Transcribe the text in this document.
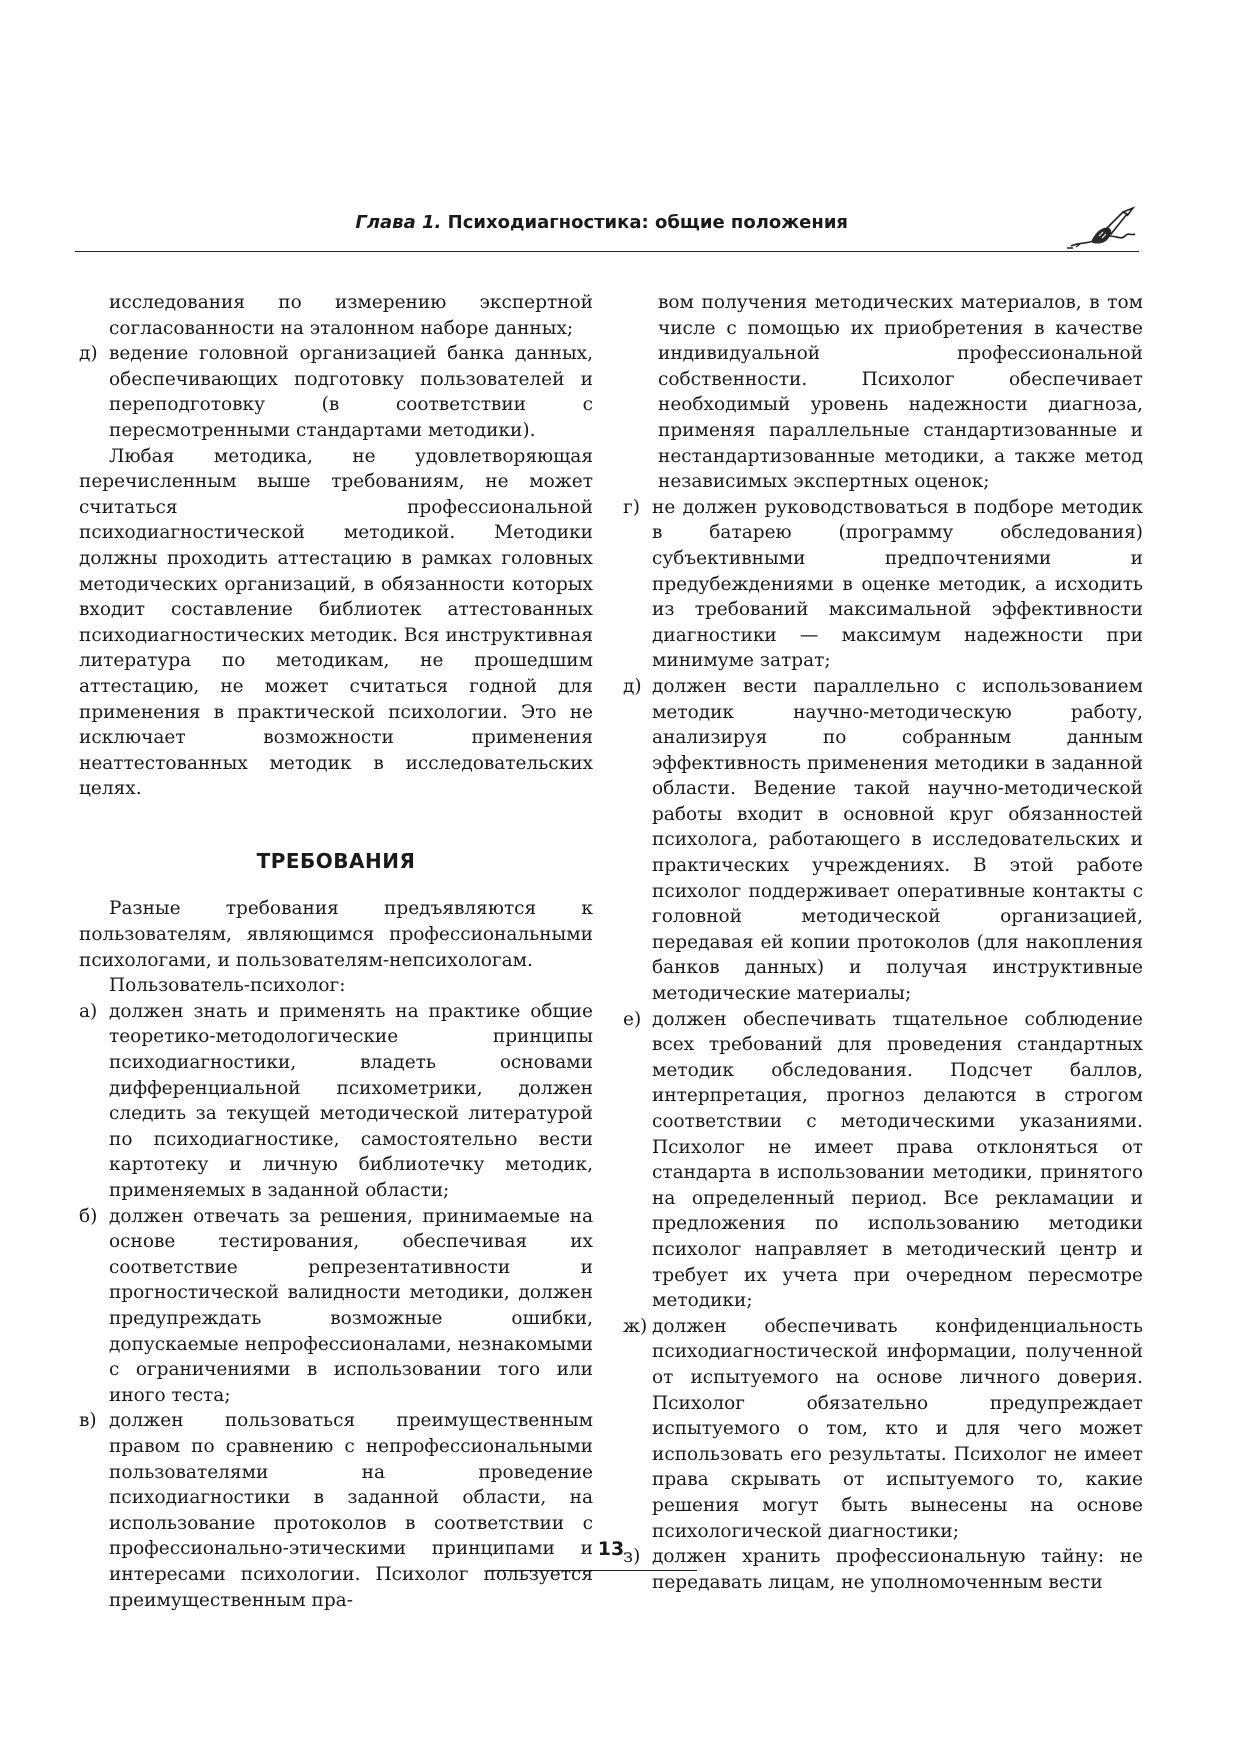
Глава 1. Психодиагностика: общие положения

исследования по измерению экспертной согласованности на эталонном наборе данных;

д) ведение головной организацией банка данных, обеспечивающих подготовку пользователей и переподготовку (в соответствии с пересмотренными стандартами методики).

Любая методика, не удовлетворяющая перечисленным выше требованиям, не может считаться профессиональной психодиагностической методикой. Методики должны проходить аттестацию в рамках головных методических организаций, в обязанности которых входит составление библиотек аттестованных психодиагностических методик. Вся инструктивная литература по методикам, не прошедшим аттестацию, не может считаться годной для применения в практической психологии. Это не исключает возможности применения неаттестованных методик в исследовательских целях.

ТРЕБОВАНИЯ

Разные требования предъявляются к пользователям, являющимся профессиональными психологами, и пользователям-непсихологам.

Пользователь-психолог:

а) должен знать и применять на практике общие теоретико-методологические принципы психодиагностики, владеть основами дифференциальной психометрики, должен следить за текущей методической литературой по психодиагностике, самостоятельно вести картотеку и личную библиотечку методик, применяемых в заданной области;
б) должен отвечать за решения, принимаемые на основе тестирования, обеспечивая их соответствие репрезентативности и прогностической валидности методики, должен предупреждать возможные ошибки, допускаемые непрофессионалами, незнакомыми с ограничениями в использовании того или иного теста;
в) должен пользоваться преимущественным правом по сравнению с непрофессиональными пользователями на проведение психодиагностики в заданной области, на использование протоколов в соответствии с профессионально-этическими принципами и интересами психологии. Психолог пользуется преимущественным пра-

вом получения методических материалов, в том числе с помощью их приобретения в качестве индивидуальной профессиональной собственности. Психолог обеспечивает необходимый уровень надежности диагноза, применяя параллельные стандартизованные и нестандартизованные методики, а также метод независимых экспертных оценок;

г) не должен руководствоваться в подборе методик в батарею (программу обследования) субъективными предпочтениями и предубеждениями в оценке методик, а исходить из требований максимальной эффективности диагностики — максимум надежности при минимуме затрат;
д) должен вести параллельно с использованием методик научно-методическую работу, анализируя по собранным данным эффективность применения методики в заданной области. Ведение такой научно-методической работы входит в основной круг обязанностей психолога, работающего в исследовательских и практических учреждениях. В этой работе психолог поддерживает оперативные контакты с головной методической организацией, передавая ей копии протоколов (для накопления банков данных) и получая инструктивные методические материалы;
е) должен обеспечивать тщательное соблюдение всех требований для проведения стандартных методик обследования. Подсчет баллов, интерпретация, прогноз делаются в строгом соответствии с методическими указаниями. Психолог не имеет права отклоняться от стандарта в использовании методики, принятого на определенный период. Все рекламации и предложения по использованию методики психолог направляет в методический центр и требует их учета при очередном пересмотре методики;
ж) должен обеспечивать конфиденциальность психодиагностической информации, полученной от испытуемого на основе личного доверия. Психолог обязательно предупреждает испытуемого о том, кто и для чего может использовать его результаты. Психолог не имеет права скрывать от испытуемого то, какие решения могут быть вынесены на основе психологической диагностики;
з) должен хранить профессиональную тайну: не передавать лицам, не уполномоченным вести
13
